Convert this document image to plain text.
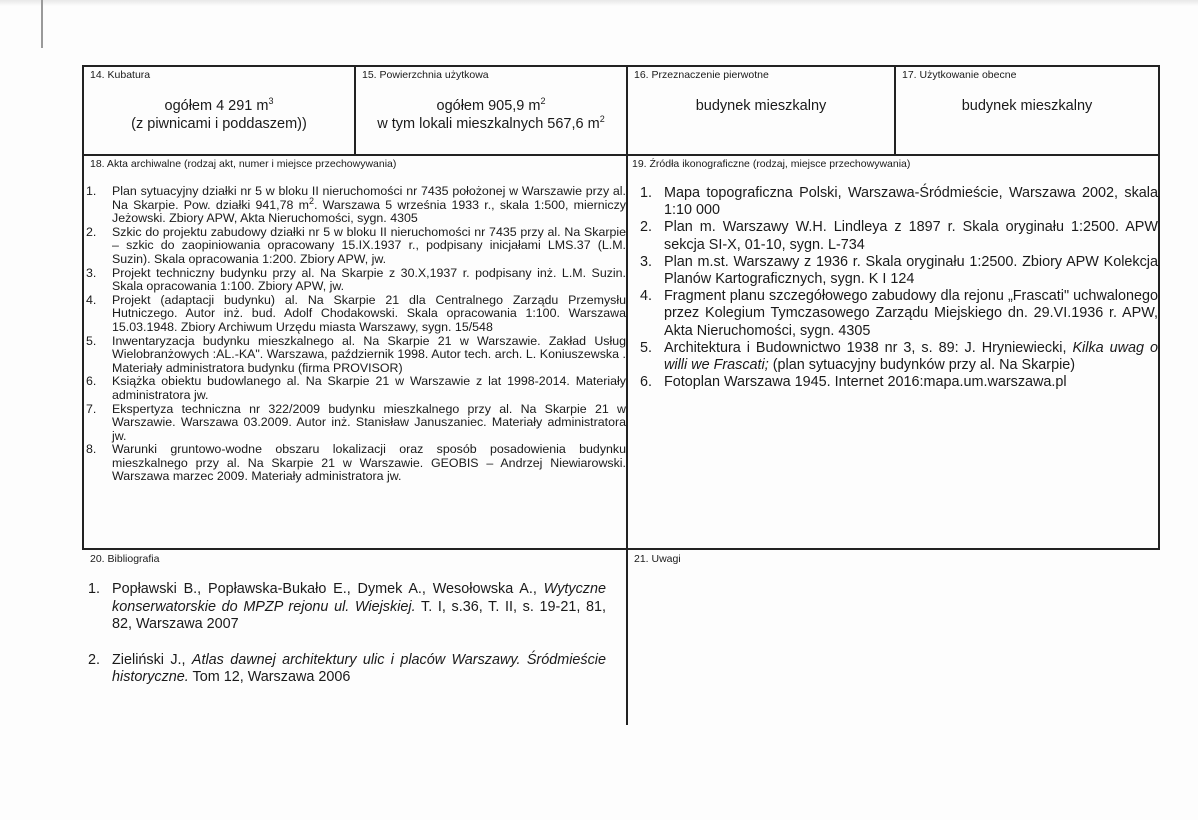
14. Kubatura
ogółem 4 291 $m^3$
(z piwnicami i poddaszem))
15. Powierzchnia użytkowa
ogółem 905,9 $m^2$
w tym lokali mieszkalnych 567,6 $m^2$
16. Przeznaczenie pierwotne
budynek mieszkalny
17. Użytkowanie obecne
budynek mieszkalny
18. Akta archiwalne (rodzaj akt, numer i miejsce przechowywania)
1. Plan sytuacyjny działki nr 5 w bloku II nieruchomości nr 7435 położonej w Warszawie przy al. Na Skarpie. Pow. działki 941,78 $m^2$. Warszawa 5 września 1933 r., skala 1:500, mierniczy Jeżowski. Zbiory APW, Akta Nieruchomości, sygn. 4305
2. Szkic do projektu zabudowy działki nr 5 w bloku II nieruchomości nr 7435 przy al. Na Skarpie – szkic do zaopiniowania opracowany 15.IX.1937 r., podpisany inicjałami LMS.37 (L.M. Suzin). Skala opracowania 1:200. Zbiory APW, jw.
3. Projekt techniczny budynku przy al. Na Skarpie z 30.X,1937 r. podpisany inż. L.M. Suzin. Skala opracowania 1:100. Zbiory APW, jw.
4. Projekt (adaptacji budynku) al. Na Skarpie 21 dla Centralnego Zarządu Przemysłu Hutniczego. Autor inż. bud. Adolf Chodakowski. Skala opracowania 1:100. Warszawa 15.03.1948. Zbiory Archiwum Urzędu miasta Warszawy, sygn. 15/548
5. Inwentaryzacja budynku mieszkalnego al. Na Skarpie 21 w Warszawie. Zakład Usług Wielobranżowych :AL.-KA". Warszawa, październik 1998. Autor tech. arch. L. Koniuszewska . Materiały administratora budynku (firma PROVISOR)
6. Książka obiektu budowlanego al. Na Skarpie 21 w Warszawie z lat 1998-2014. Materiały administratora jw.
7. Ekspertyza techniczna nr 322/2009 budynku mieszkalnego przy al. Na Skarpie 21 w Warszawie. Warszawa 03.2009. Autor inż. Stanisław Januszaniec. Materiały administratora jw.
8. Warunki gruntowo-wodne obszaru lokalizacji oraz sposób posadowienia budynku mieszkalnego przy al. Na Skarpie 21 w Warszawie. GEOBIS – Andrzej Niewiarowski. Warszawa marzec 2009. Materiały administratora jw.
19. Źródła ikonograficzne (rodzaj, miejsce przechowywania)
1. Mapa topograficzna Polski, Warszawa-Śródmieście, Warszawa 2002, skala 1:10 000
2. Plan m. Warszawy W.H. Lindleya z 1897 r. Skala oryginału 1:2500. APW sekcja SI-X, 01-10, sygn. L-734
3. Plan m.st. Warszawy z 1936 r. Skala oryginału 1:2500. Zbiory APW Kolekcja Planów Kartograficznych, sygn. K I 124
4. Fragment planu szczegółowego zabudowy dla rejonu „Frascati" uchwalonego przez Kolegium Tymczasowego Zarządu Miejskiego dn. 29.VI.1936 r. APW, Akta Nieruchomości, sygn. 4305
5. Architektura i Budownictwo 1938 nr 3, s. 89: J. Hryniewiecki, Kilka uwag o willi we Frascati; (plan sytuacyjny budynków przy al. Na Skarpie)
6. Fotoplan Warszawa 1945. Internet 2016:mapa.um.warszawa.pl
20. Bibliografia
1. Popławski B., Popławska-Bukało E., Dymek A., Wesołowska A., Wytyczne konserwatorskie do MPZP rejonu ul. Wiejskiej. T. I, s.36, T. II, s. 19-21, 81, 82, Warszawa 2007
2. Zieliński J., Atlas dawnej architektury ulic i placów Warszawy. Śródmieście historyczne. Tom 12, Warszawa 2006
21. Uwagi
